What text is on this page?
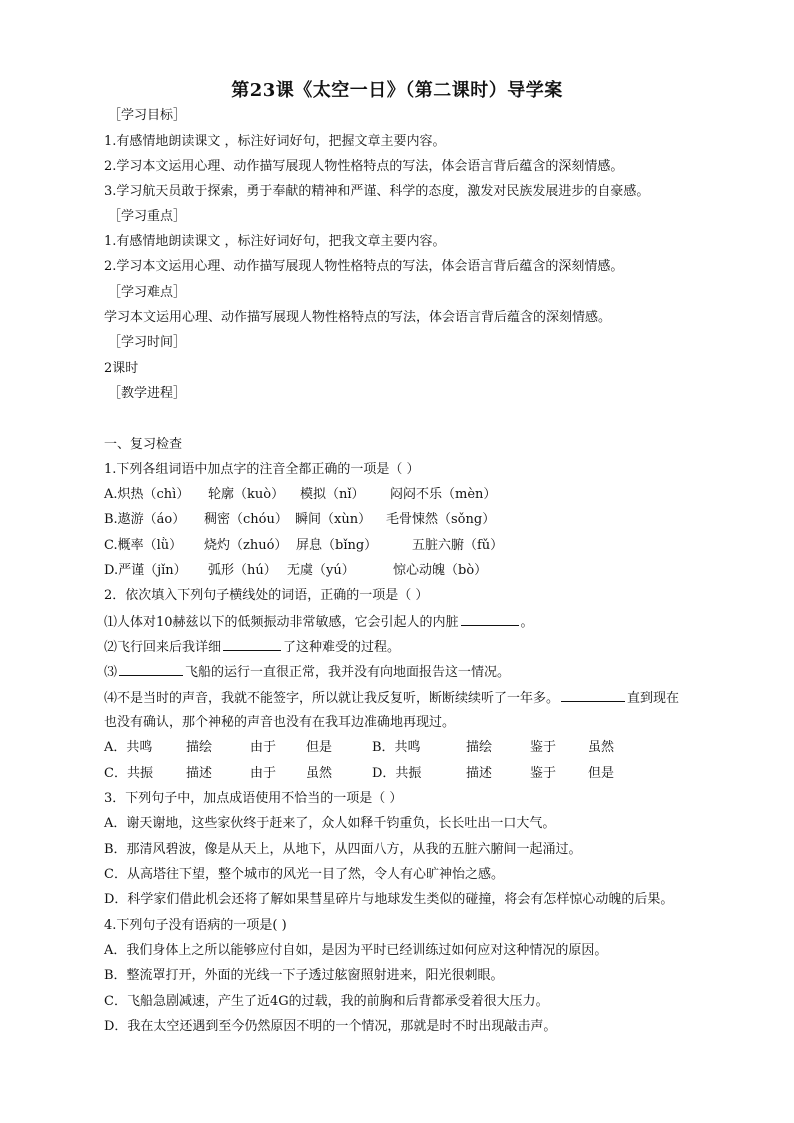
第23课《太空一日》（第二课时）导学案
［学习目标］
1.有感情地朗读课文 ，标注好词好句，把握文章主要内容。
2.学习本文运用心理、动作描写展现人物性格特点的写法，体会语言背后蕴含的深刻情感。
3.学习航天员敢于探索，勇于奉献的精神和严谨、科学的态度，激发对民族发展进步的自豪感。
［学习重点］
1.有感情地朗读课文 ，标注好词好句，把我文章主要内容。
2.学习本文运用心理、动作描写展现人物性格特点的写法，体会语言背后蕴含的深刻情感。
［学习难点］
学习本文运用心理、动作描写展现人物性格特点的写法，体会语言背后蕴含的深刻情感。
［学习时间］
2课时
［教学进程］
一、复习检查
1.下列各组词语中加点字的注音全都正确的一项是（ ）
A.炽热（chì） 轮廓（kuò） 模拟（nǐ） 闷闷不乐（mèn）
B.遨游（áo） 稠密（chóu） 瞬间（xùn） 毛骨悚然（sǒng）
C.概率（lǜ） 烧灼（zhuó） 屏息（bǐng）	五脏六腑（fǔ）
D.严谨（jǐn） 弧形（hú） 无虞（yú）	惊心动魄（bò）
2．依次填入下列句子横线处的词语，正确的一项是（ ）
⑴人体对10赫兹以下的低频振动非常敏感，它会引起人的内脏	。
⑵飞行回来后我详细	了这种难受的过程。
⑶	飞船的运行一直很正常，我并没有向地面报告这一情况。
⑷不是当时的声音，我就不能签字，所以就让我反复听，断断续续听了一年多。	直到现在
也没有确认，那个神秘的声音也没有在我耳边准确地再现过。
A．共鸣	描绘	由于 但是	B．共鸣	描绘	鉴于 虽然
C．共振	描述	由于 虽然	D．共振	描述	鉴于 但是
3．下列句子中，加点成语使用不恰当的一项是（ ）
A．谢天谢地，这些家伙终于赶来了，众人如释千钧重负，长长吐出一口大气。
B．那清风碧波，像是从天上，从地下，从四面八方，从我的五脏六腑间一起涌过。
C．从高塔往下望，整个城市的风光一目了然，令人有心旷神怡之感。
D．科学家们借此机会还将了解如果彗星碎片与地球发生类似的碰撞，将会有怎样惊心动魄的后果。
4.下列句子没有语病的一项是( )
A．我们身体上之所以能够应付自如，是因为平时已经训练过如何应对这种情况的原因。
B．整流罩打开，外面的光线一下子透过舷窗照射进来，阳光很刺眼。
C．飞船急剧减速，产生了近4G的过载，我的前胸和后背都承受着很大压力。
D．我在太空还遇到至今仍然原因不明的一个情况，那就是时不时出现敲击声。
